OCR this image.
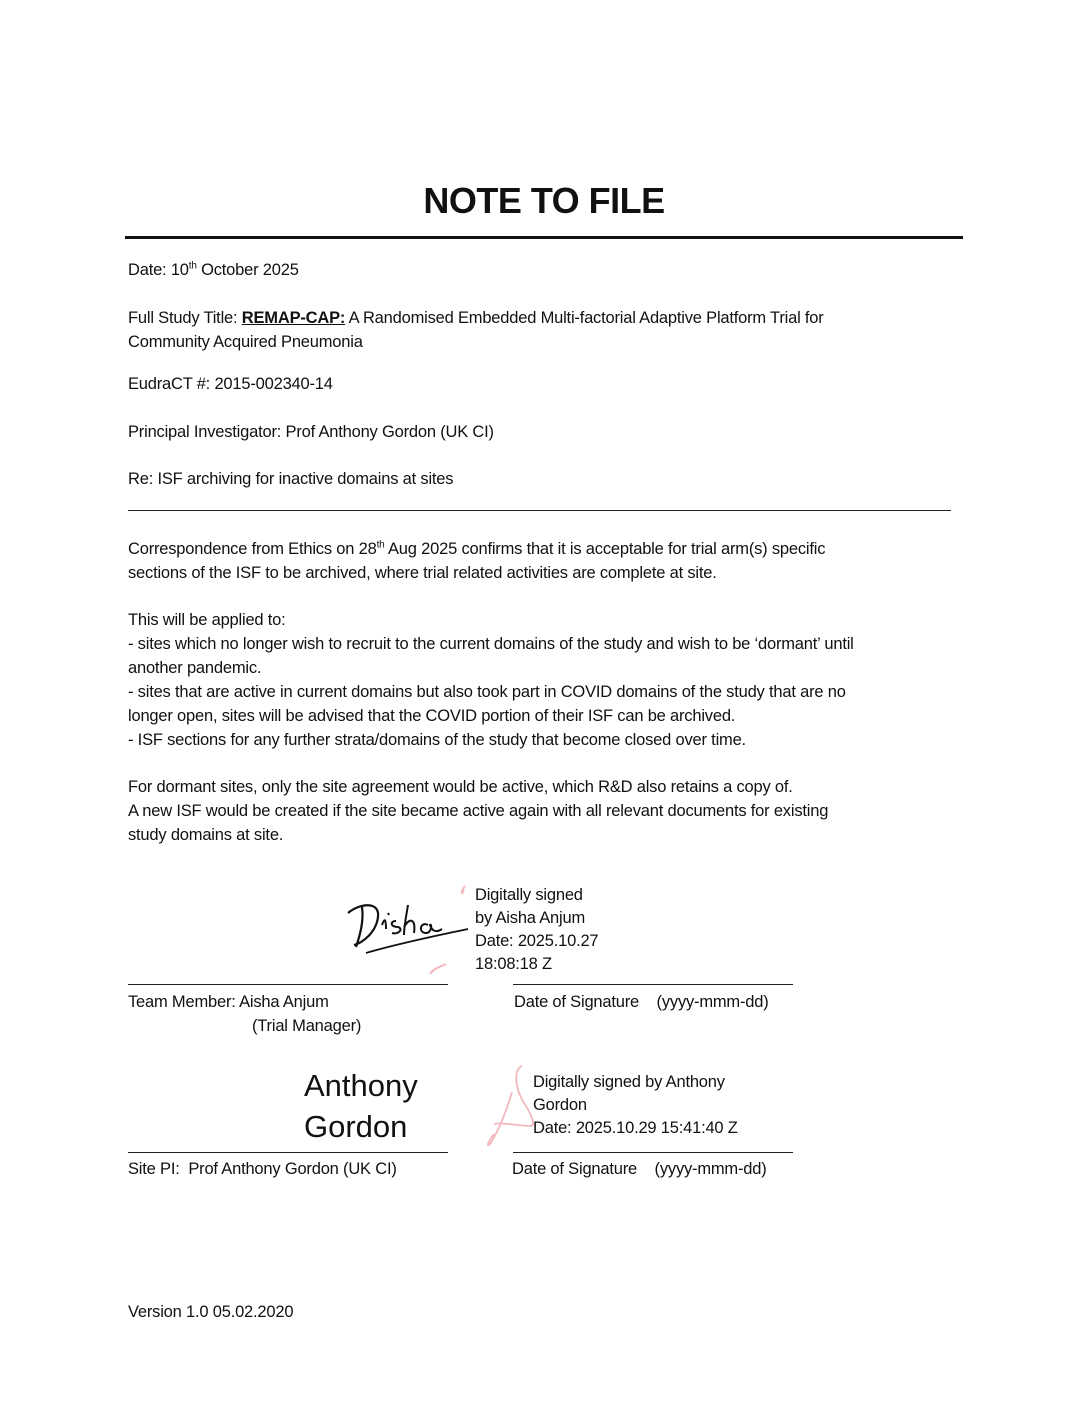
NOTE TO FILE
Date: 10th October 2025
Full Study Title: REMAP-CAP: A Randomised Embedded Multi-factorial Adaptive Platform Trial for
Community Acquired Pneumonia
EudraCT #: 2015-002340-14
Principal Investigator: Prof Anthony Gordon (UK CI)
Re: ISF archiving for inactive domains at sites
Correspondence from Ethics on 28th Aug 2025 confirms that it is acceptable for trial arm(s) specific
sections of the ISF to be archived, where trial related activities are complete at site.
This will be applied to:
- sites which no longer wish to recruit to the current domains of the study and wish to be ‘dormant’ until
another pandemic.
- sites that are active in current domains but also took part in COVID domains of the study that are no
longer open, sites will be advised that the COVID portion of their ISF can be archived.
- ISF sections for any further strata/domains of the study that become closed over time.
For dormant sites, only the site agreement would be active, which R&D also retains a copy of.
A new ISF would be created if the site became active again with all relevant documents for existing
study domains at site.
Digitally signed
by Aisha Anjum
Date: 2025.10.27
18:08:18 Z
Team Member: Aisha Anjum
(Trial Manager)
Date of Signature    (yyyy-mmm-dd)
Anthony
Gordon
Digitally signed by Anthony
Gordon
Date: 2025.10.29 15:41:40 Z
Site PI:  Prof Anthony Gordon (UK CI)	Date of Signature    (yyyy-mmm-dd)
Version 1.0 05.02.2020
